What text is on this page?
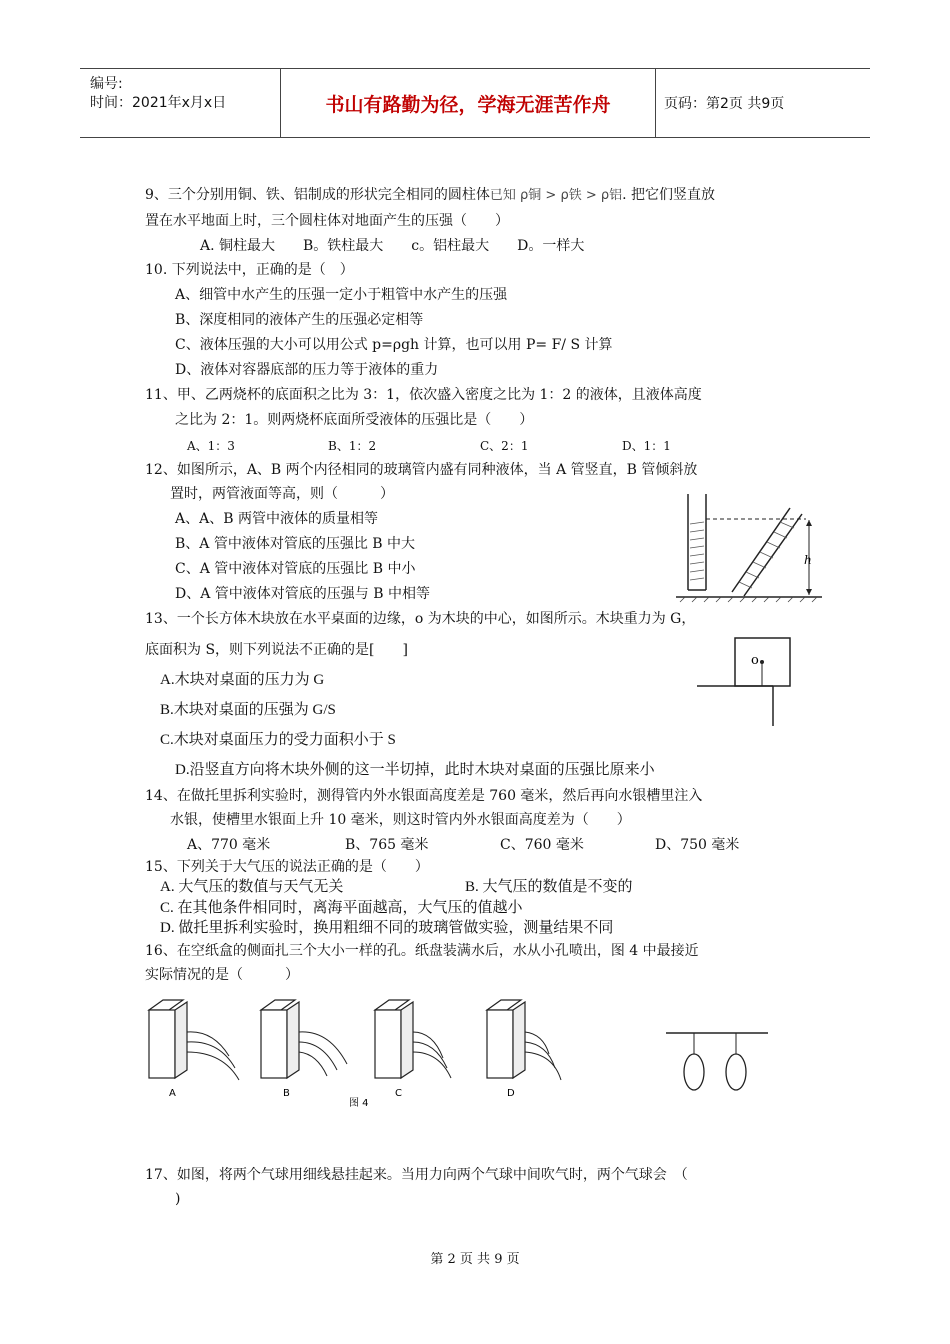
编号:
时间：2021年x月x日	书山有路勤为径，学海无涯苦作舟	页码：第2页 共9页
9、三个分别用铜、铁、铝制成的形状完全相同的圆柱体已知 ρ铜 > ρ铁 > ρ铝. 把它们竖直放
置在水平地面上时，三个圆柱体对地面产生的压强（　　）
A. 铜柱最大　　B。铁柱最大　　c。铝柱最大　　D。一样大
10. 下列说法中，正确的是（　）
A、细管中水产生的压强一定小于粗管中水产生的压强
B、深度相同的液体产生的压强必定相等
C、液体压强的大小可以用公式 p=ρgh 计算，也可以用 P= F/ S 计算
D、液体对容器底部的压力等于液体的重力
11、甲、乙两烧杯的底面积之比为 3：1，依次盛入密度之比为 1：2 的液体，且液体高度
之比为 2：1。则两烧杯底面所受液体的压强比是（　　）
A、1：3	B、1：2	C、2：1	D、1：1
12、如图所示，A、B 两个内径相同的玻璃管内盛有同种液体，当 A 管竖直，B 管倾斜放
置时，两管液面等高，则（　　　）
A、A、B 两管中液体的质量相等
B、A 管中液体对管底的压强比 B 中大
C、A 管中液体对管底的压强比 B 中小
D、A 管中液体对管底的压强与 B 中相等
h
13、一个长方体木块放在水平桌面的边缘，o 为木块的中心，如图所示。木块重力为 G，
底面积为 S，则下列说法不正确的是[　　]
A.木块对桌面的压力为 G
B.木块对桌面的压强为 G/S
C.木块对桌面压力的受力面积小于 S
D.沿竖直方向将木块外侧的这一半切掉，此时木块对桌面的压强比原来小
o
14、在做托里拆利实验时，测得管内外水银面高度差是 760 毫米，然后再向水银槽里注入
水银，使槽里水银面上升 10 毫米，则这时管内外水银面高度差为（　　）
A、770 毫米	B、765 毫米	C、760 毫米	D、750 毫米
15、下列关于大气压的说法正确的是（　　）
A. 大气压的数值与天气无关	B. 大气压的数值是不变的
C. 在其他条件相同时，离海平面越高，大气压的值越小
D. 做托里拆利实验时，换用粗细不同的玻璃管做实验，测量结果不同
16、在空纸盒的侧面扎三个大小一样的孔。纸盘装满水后，水从小孔喷出，图 4 中最接近
实际情况的是（　　　）
A	B	C	D
图 4
17、如图，将两个气球用细线悬挂起来。当用力向两个气球中间吹气时，两个气球会　（
)
第 2 页 共 9 页
